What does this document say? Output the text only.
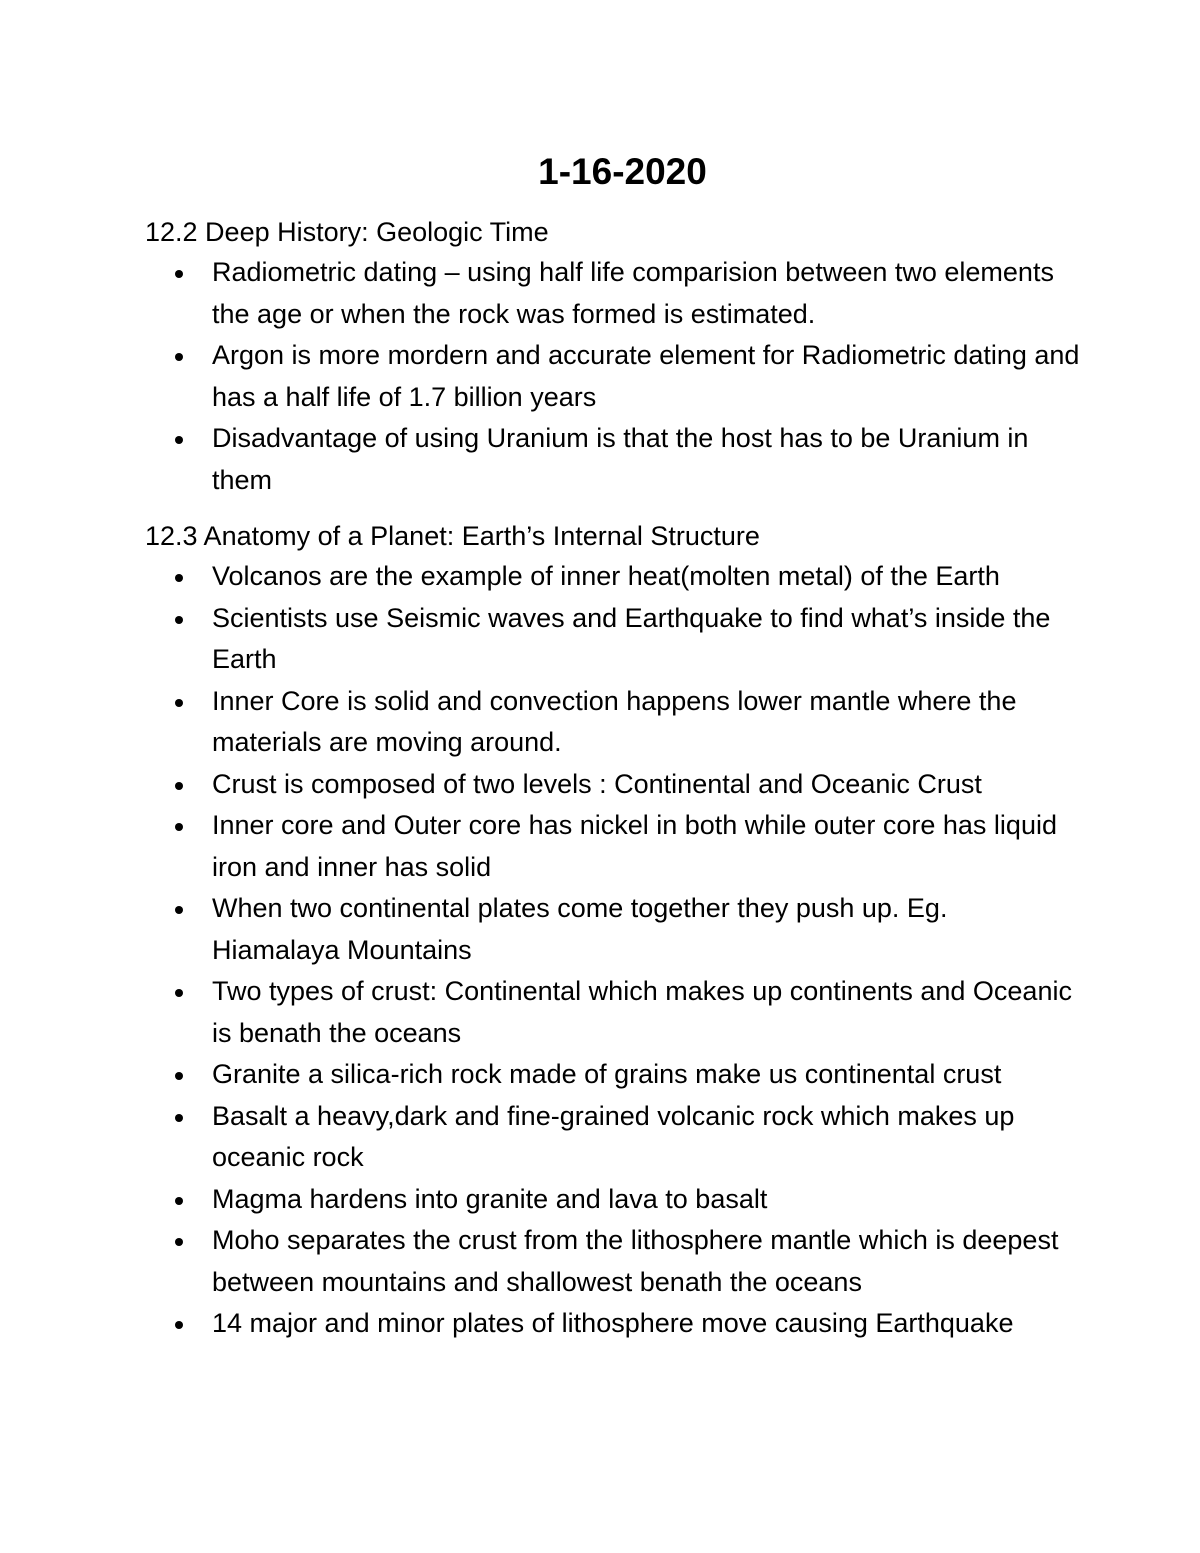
1-16-2020
12.2 Deep History: Geologic Time
Radiometric dating – using half life comparision between two elements the age or when the rock was formed is estimated.
Argon is more mordern and accurate element for Radiometric dating and has a half life of 1.7 billion years
Disadvantage of using Uranium is that the host has to be Uranium in them
12.3 Anatomy of a Planet: Earth’s Internal Structure
Volcanos are the example of inner heat(molten metal) of the Earth
Scientists use Seismic waves and Earthquake to find what’s inside the Earth
Inner Core is solid and convection happens lower mantle where the materials are moving around.
Crust is composed of two levels : Continental and Oceanic Crust
Inner core and Outer core has nickel in both while outer core has liquid iron and inner has solid
When two continental plates come together they push up. Eg. Hiamalaya Mountains
Two types of crust: Continental which makes up continents and Oceanic is benath the oceans
Granite a silica-rich rock made of grains make us continental crust
Basalt a heavy,dark and fine-grained volcanic rock which makes up oceanic rock
Magma hardens into granite and lava to basalt
Moho separates the crust from the lithosphere mantle which is deepest between mountains and shallowest benath the oceans
14 major and minor plates of lithosphere move causing Earthquake
